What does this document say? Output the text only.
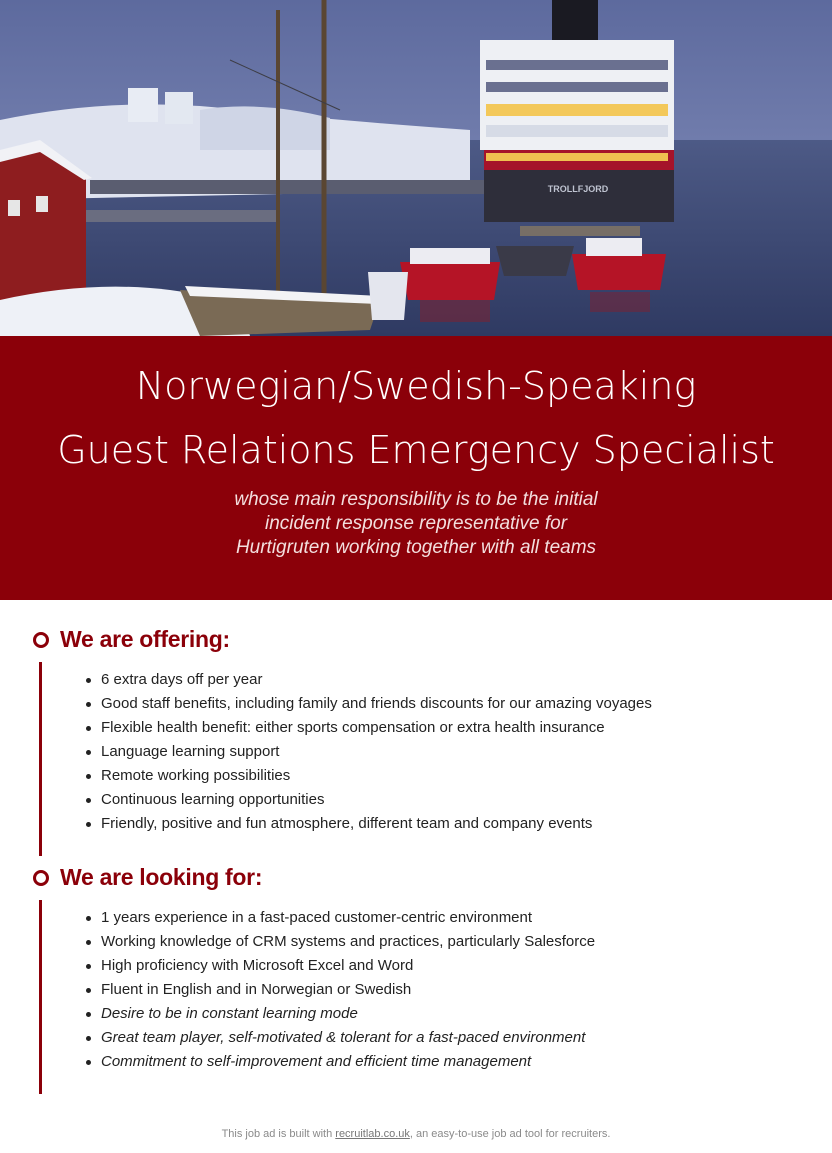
TROLLFJORD
Norwegian/Swedish-Speaking
Guest Relations Emergency Specialist
whose main responsibility is to be the initial
incident response representative for
Hurtigruten working together with all teams
We are offering:
6 extra days off per year
Good staff benefits, including family and friends discounts for our amazing voyages
Flexible health benefit: either sports compensation or extra health insurance
Language learning support
Remote working possibilities
Continuous learning opportunities
Friendly, positive and fun atmosphere, different team and company events
We are looking for:
1 years experience in a fast-paced customer-centric environment
Working knowledge of CRM systems and practices, particularly Salesforce
High proficiency with Microsoft Excel and Word
Fluent in English and in Norwegian or Swedish
Desire to be in constant learning mode
Great team player, self-motivated & tolerant for a fast-paced environment
Commitment to self-improvement and efficient time management
This job ad is built with recruitlab.co.uk, an easy-to-use job ad tool for recruiters.
